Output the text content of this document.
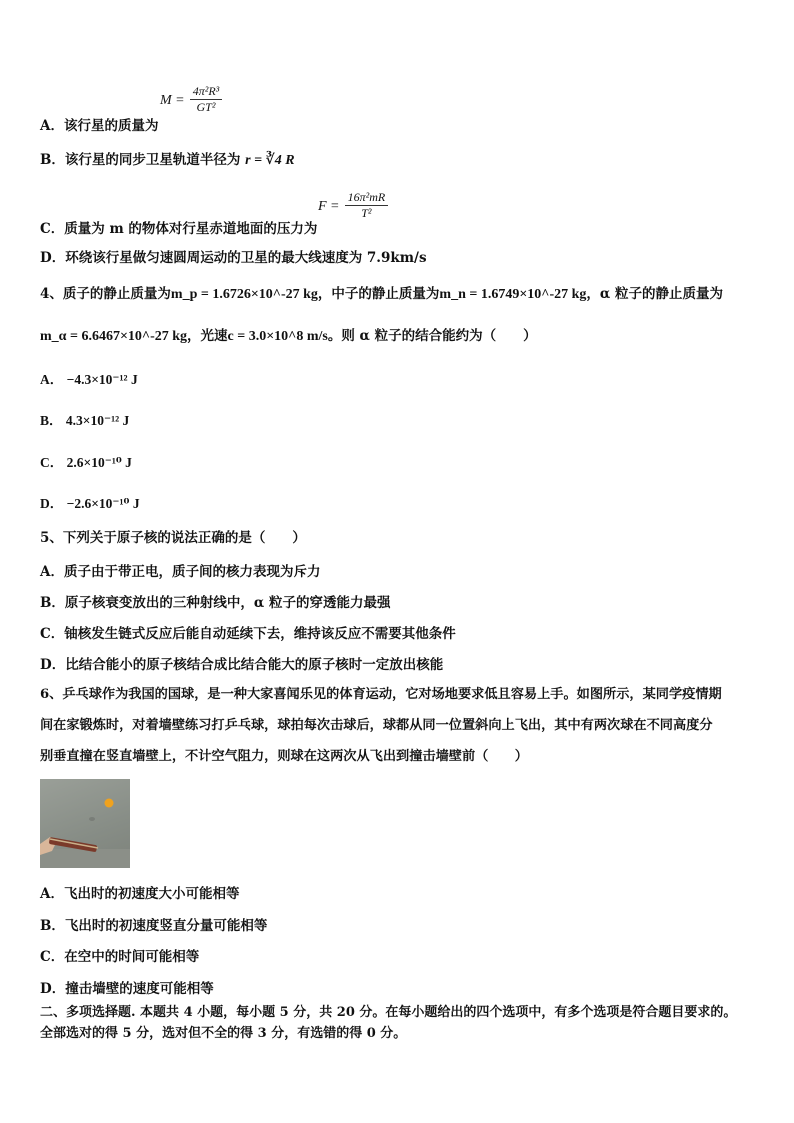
A．该行星的质量为
$M = \frac{\text{4π²R³}}{\text{GT²}}$
B．该行星的同步卫星轨道半径为 r = ∛4 R
C．质量为 m 的物体对行星赤道地面的压力为
$F = \frac{\text{16π²mR}}{\text{T²}}$
D．环绕该行星做匀速圆周运动的卫星的最大线速度为 7.9km/s
4、质子的静止质量为m_p = 1.6726×10^-27 kg，中子的静止质量为m_n = 1.6749×10^-27 kg，α 粒子的静止质量为
m_α = 6.6467×10^-27 kg，光速c = 3.0×10^8 m/s。则 α 粒子的结合能约为（　　）
A． −4.3×10⁻¹² J
B． 4.3×10⁻¹² J
C． 2.6×10⁻¹⁰ J
D． −2.6×10⁻¹⁰ J
5、下列关于原子核的说法正确的是（　　）
A．质子由于带正电，质子间的核力表现为斥力
B．原子核衰变放出的三种射线中，α 粒子的穿透能力最强
C．铀核发生链式反应后能自动延续下去，维持该反应不需要其他条件
D．比结合能小的原子核结合成比结合能大的原子核时一定放出核能
6、乒乓球作为我国的国球，是一种大家喜闻乐见的体育运动，它对场地要求低且容易上手。如图所示，某同学疫情期
间在家锻炼时，对着墙壁练习打乒乓球，球拍每次击球后，球都从同一位置斜向上飞出，其中有两次球在不同高度分
别垂直撞在竖直墙壁上，不计空气阻力，则球在这两次从飞出到撞击墙壁前（　　）
A．飞出时的初速度大小可能相等
B．飞出时的初速度竖直分量可能相等
C．在空中的时间可能相等
D．撞击墙壁的速度可能相等
二、多项选择题. 本题共 4 小题，每小题 5 分，共 20 分。在每小题给出的四个选项中，有多个选项是符合题目要求的。
全部选对的得 5 分，选对但不全的得 3 分，有选错的得 0 分。
